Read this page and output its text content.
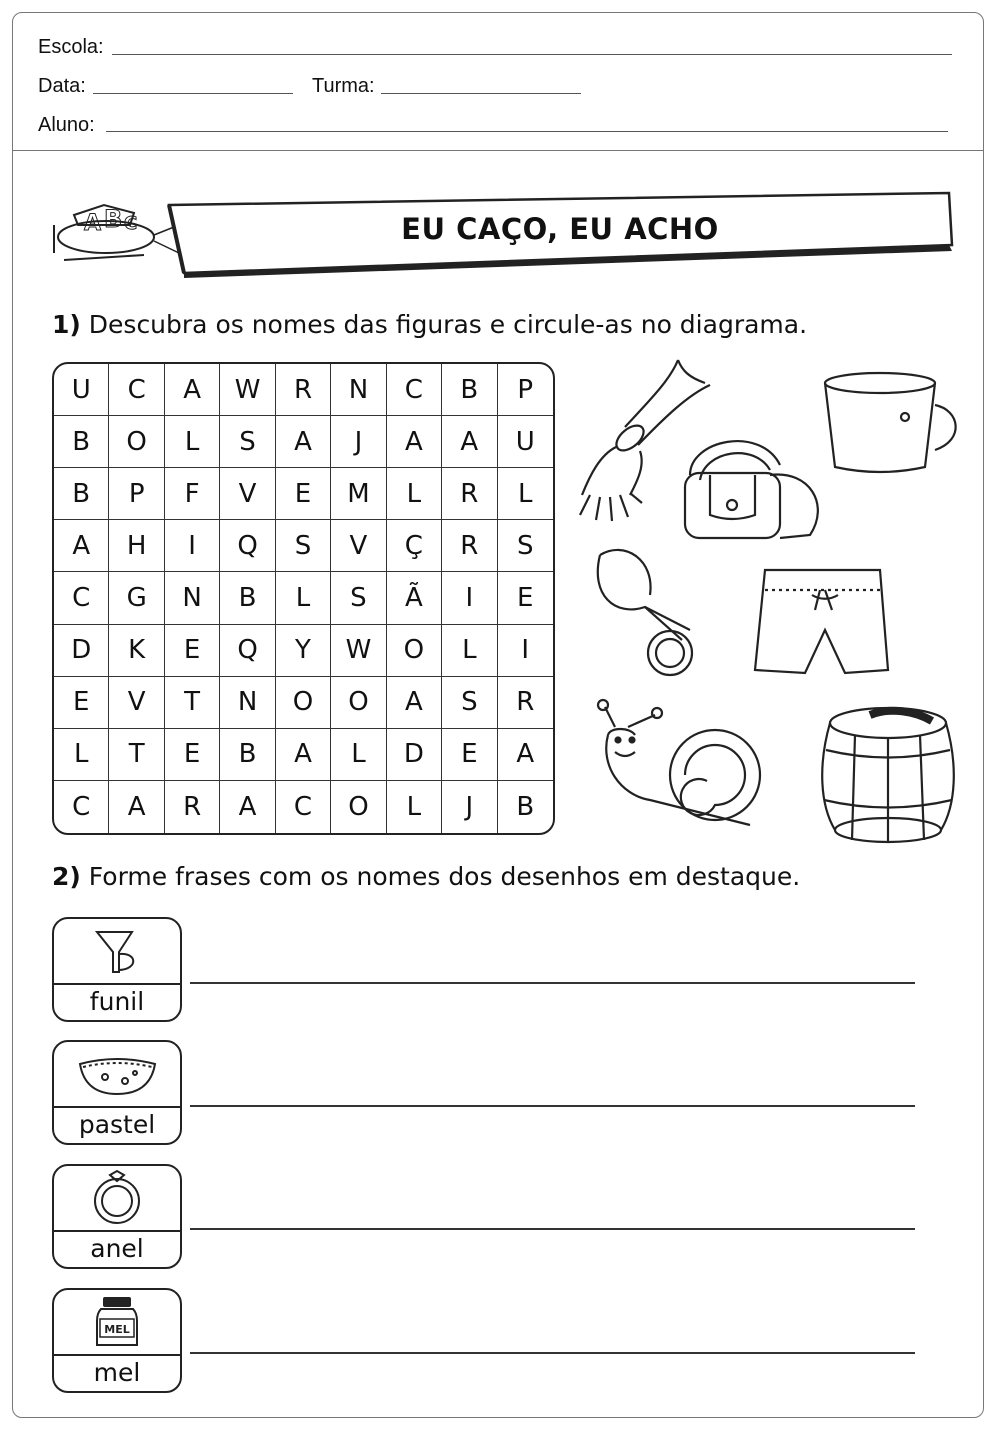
Escola:
Data:	Turma:
Aluno:
A B C	EU CAÇO, EU ACHO
1) Descubra os nomes das figuras e circule-as no diagrama.
U	C	A	W	R	N	C	B	P
B	O	L	S	A	J	A	A	U
B	P	F	V	E	M	L	R	L
A	H	I	Q	S	V	Ç	R	S
C	G	N	B	L	S	Ã	I	E
D	K	E	Q	Y	W	O	L	I
E	V	T	N	O	O	A	S	R
L	T	E	B	A	L	D	E	A
C	A	R	A	C	O	L	J	B
2) Forme frases com os nomes dos desenhos em destaque.
funil
pastel
anel
MEL
mel
